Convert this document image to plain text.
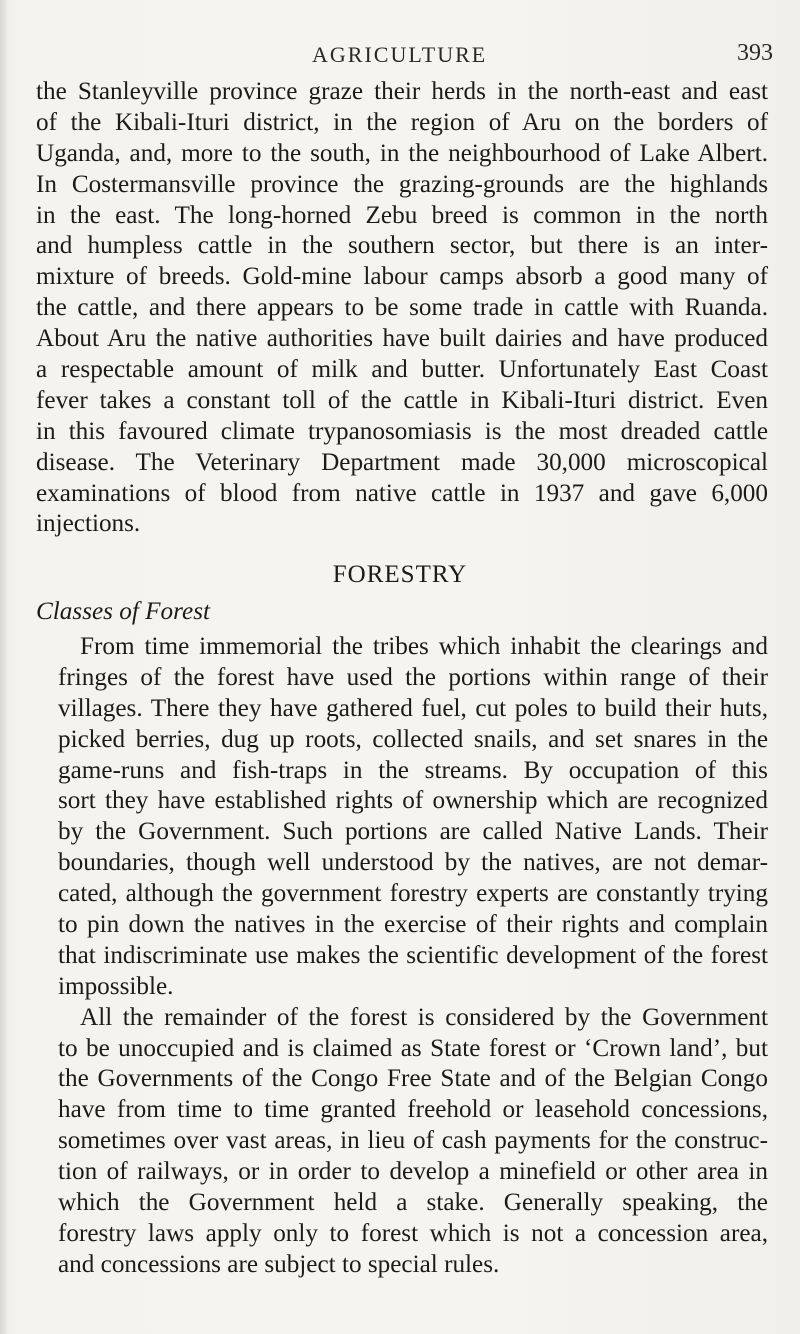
AGRICULTURE	393

the Stanleyville province graze their herds in the north-east and east
of the Kibali-Ituri district, in the region of Aru on the borders of
Uganda, and, more to the south, in the neighbourhood of Lake Albert.
In Costermansville province the grazing-grounds are the highlands
in the east. The long-horned Zebu breed is common in the north
and humpless cattle in the southern sector, but there is an inter-
mixture of breeds. Gold-mine labour camps absorb a good many of
the cattle, and there appears to be some trade in cattle with Ruanda.
About Aru the native authorities have built dairies and have produced
a respectable amount of milk and butter. Unfortunately East Coast
fever takes a constant toll of the cattle in Kibali-Ituri district. Even
in this favoured climate trypanosomiasis is the most dreaded cattle
disease. The Veterinary Department made 30,000 microscopical
examinations of blood from native cattle in 1937 and gave 6,000
injections.

FORESTRY
Classes of Forest

From time immemorial the tribes which inhabit the clearings and
fringes of the forest have used the portions within range of their
villages. There they have gathered fuel, cut poles to build their huts,
picked berries, dug up roots, collected snails, and set snares in the
game-runs and fish-traps in the streams. By occupation of this
sort they have established rights of ownership which are recognized
by the Government. Such portions are called Native Lands. Their
boundaries, though well understood by the natives, are not demar-
cated, although the government forestry experts are constantly trying
to pin down the natives in the exercise of their rights and complain
that indiscriminate use makes the scientific development of the forest
impossible.

All the remainder of the forest is considered by the Government
to be unoccupied and is claimed as State forest or ‘Crown land’, but
the Governments of the Congo Free State and of the Belgian Congo
have from time to time granted freehold or leasehold concessions,
sometimes over vast areas, in lieu of cash payments for the construc-
tion of railways, or in order to develop a minefield or other area in
which the Government held a stake. Generally speaking, the
forestry laws apply only to forest which is not a concession area,
and concessions are subject to special rules.
